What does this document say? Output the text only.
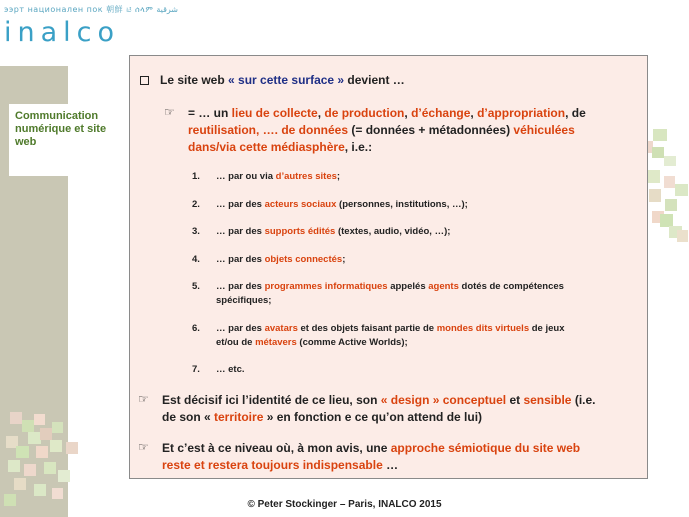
ээрт национален пок 朝鮮 ಟಿ ሰላም شرقية
inalco
Communication numérique et site web
Le site web « sur cette surface » devient …
☞ = … un lieu de collecte, de production, d’échange, d’appropriation, de
reutilisation, …. de données (= données + métadonnées) véhiculées
dans/via cette médiasphère, i.e.:
1. … par ou via d’autres sites;
2. … par des acteurs sociaux (personnes, institutions, …);
3. … par des supports édités (textes, audio, vidéo, …);
4. … par des objets connectés;
5. … par des programmes informatiques appelés agents dotés de compétences
spécifiques;
6. … par des avatars et des objets faisant partie de mondes dits virtuels de jeux
et/ou de métavers (comme Active Worlds);
7. … etc.
☞ Est décisif ici l’identité de ce lieu, son « design » conceptuel et sensible (i.e.
de son « territoire » en fonction e ce qu’on attend de lui)
☞ Et c’est à ce niveau où, à mon avis, une approche sémiotique du site web
reste et restera toujours indispensable …
© Peter Stockinger – Paris, INALCO 2015
